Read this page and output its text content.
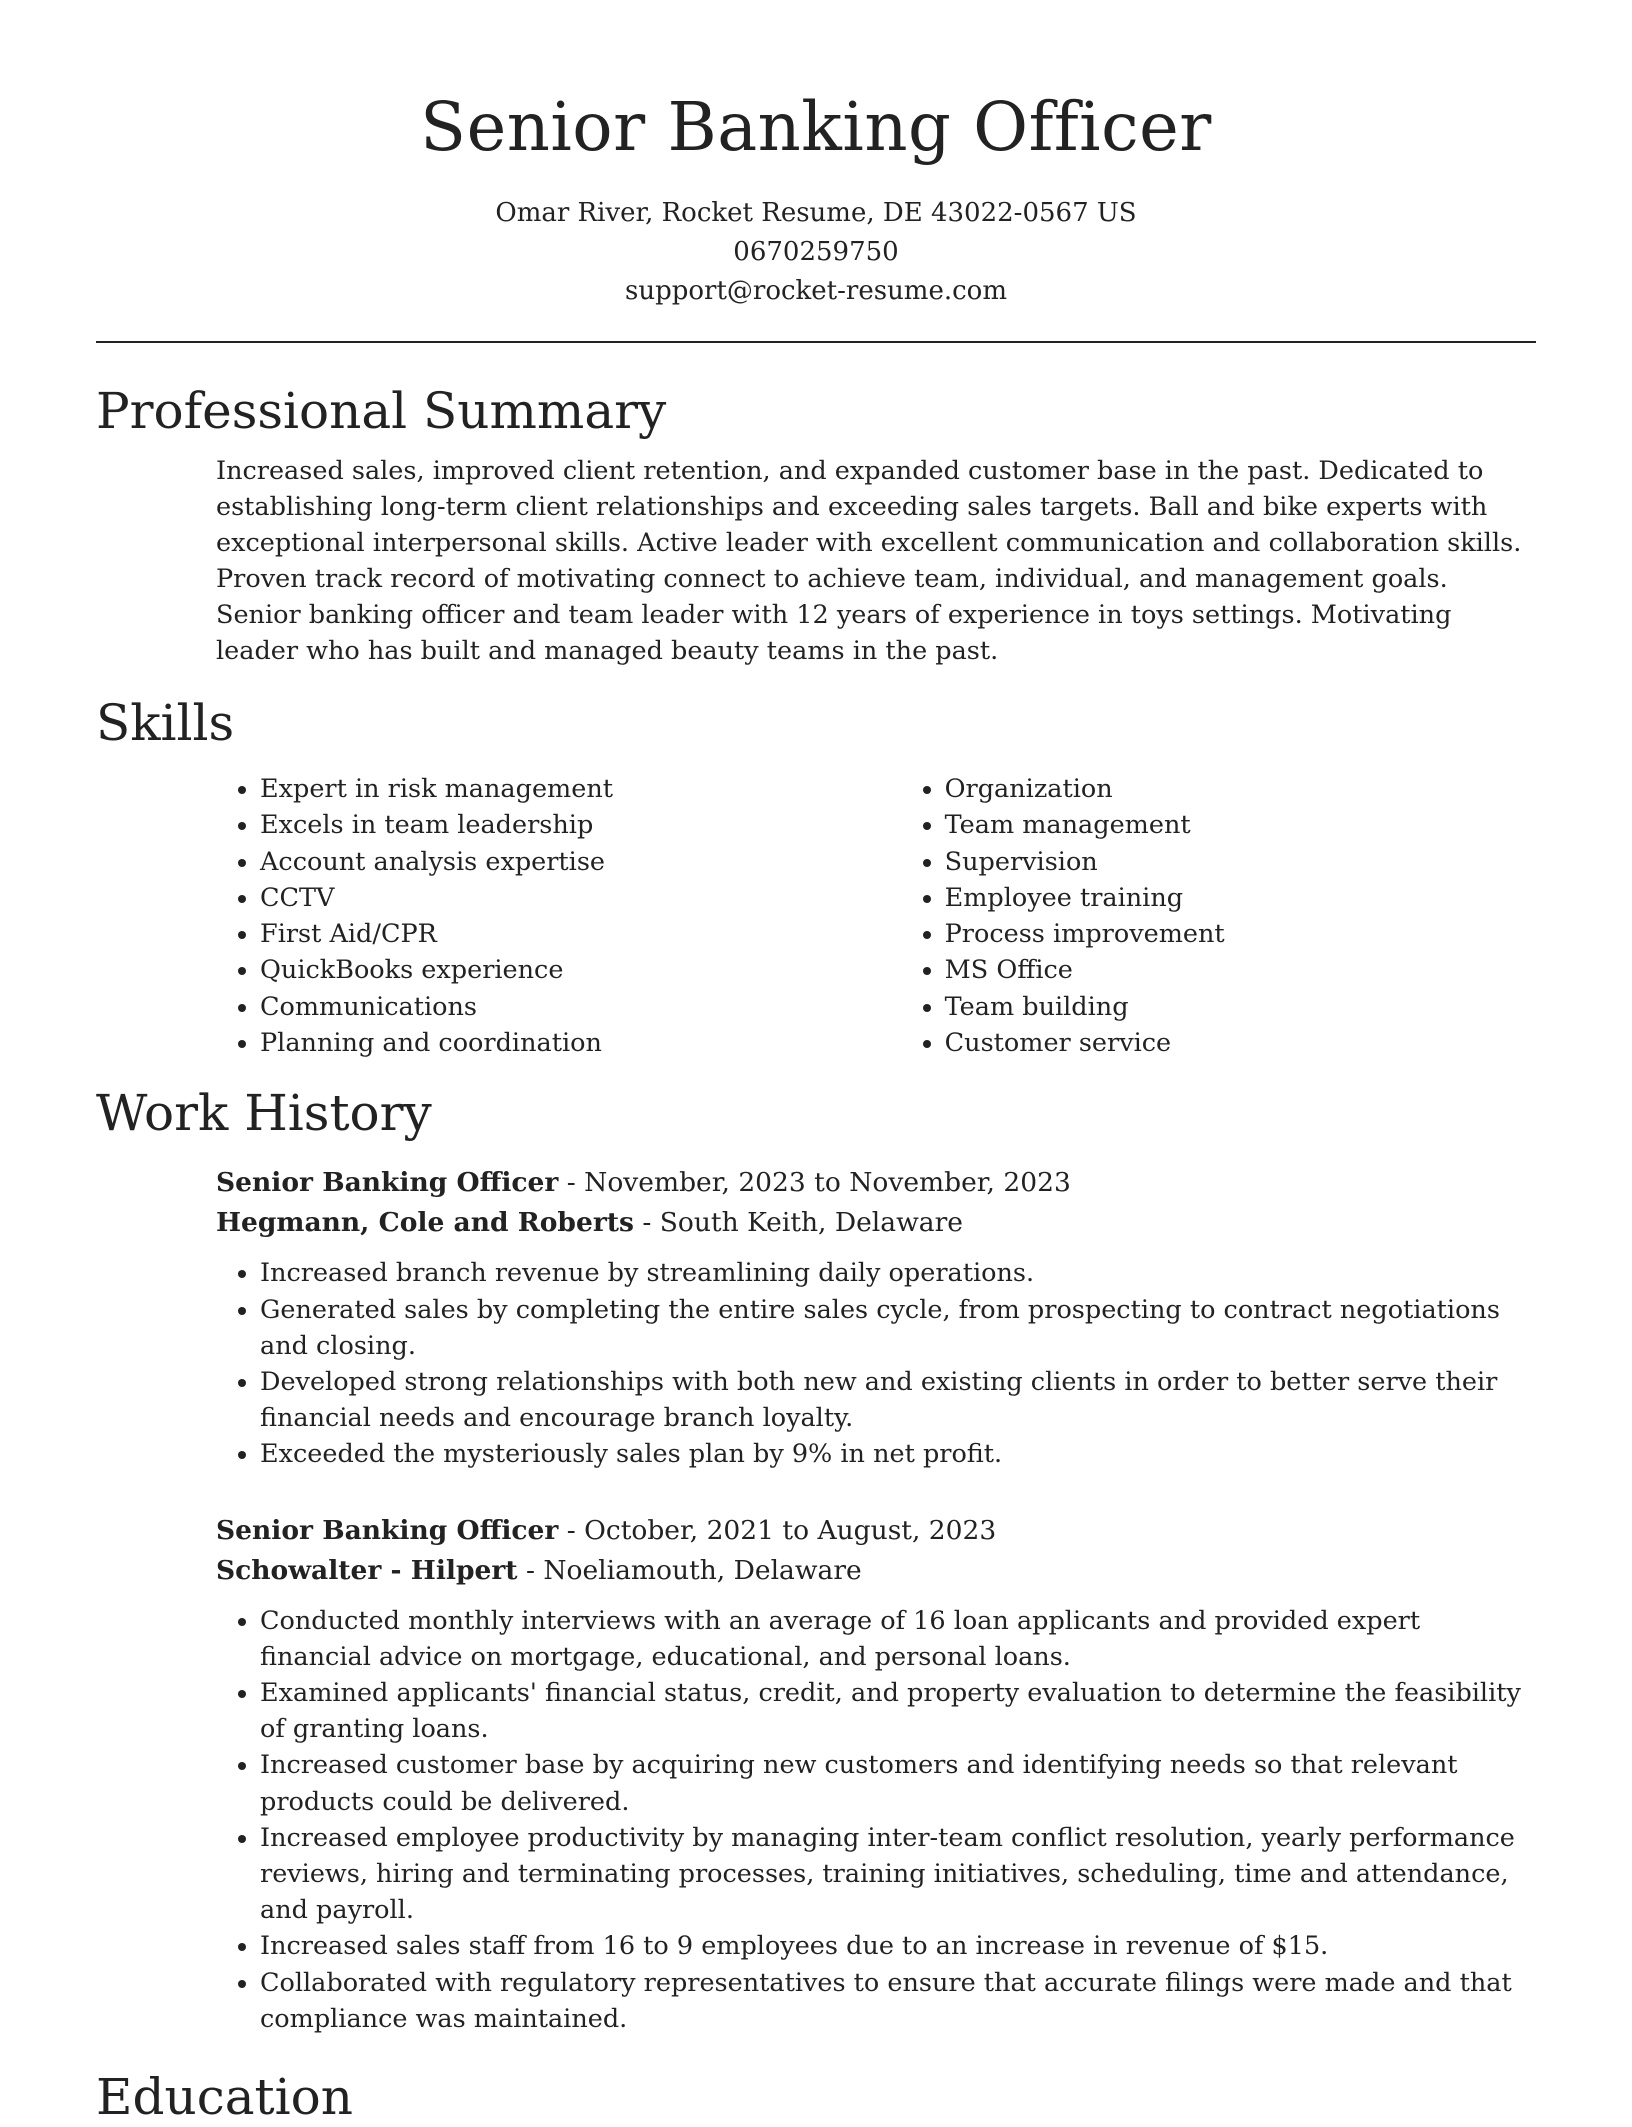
Senior Banking Officer
Omar River, Rocket Resume, DE 43022-0567 US
0670259750
support@rocket-resume.com
Professional Summary
Increased sales, improved client retention, and expanded customer base in the past. Dedicated to establishing long-term client relationships and exceeding sales targets. Ball and bike experts with exceptional interpersonal skills. Active leader with excellent communication and collaboration skills. Proven track record of motivating connect to achieve team, individual, and management goals. Senior banking officer and team leader with 12 years of experience in toys settings. Motivating leader who has built and managed beauty teams in the past.
Skills
• Expert in risk management
• Excels in team leadership
• Account analysis expertise
• CCTV
• First Aid/CPR
• QuickBooks experience
• Communications
• Planning and coordination
• Organization
• Team management
• Supervision
• Employee training
• Process improvement
• MS Office
• Team building
• Customer service
Work History
Senior Banking Officer - November, 2023 to November, 2023
Hegmann, Cole and Roberts - South Keith, Delaware
• Increased branch revenue by streamlining daily operations.
• Generated sales by completing the entire sales cycle, from prospecting to contract negotiations and closing.
• Developed strong relationships with both new and existing clients in order to better serve their financial needs and encourage branch loyalty.
• Exceeded the mysteriously sales plan by 9% in net profit.
Senior Banking Officer - October, 2021 to August, 2023
Schowalter - Hilpert - Noeliamouth, Delaware
• Conducted monthly interviews with an average of 16 loan applicants and provided expert financial advice on mortgage, educational, and personal loans.
• Examined applicants' financial status, credit, and property evaluation to determine the feasibility of granting loans.
• Increased customer base by acquiring new customers and identifying needs so that relevant products could be delivered.
• Increased employee productivity by managing inter-team conflict resolution, yearly performance reviews, hiring and terminating processes, training initiatives, scheduling, time and attendance, and payroll.
• Increased sales staff from 16 to 9 employees due to an increase in revenue of $15.
• Collaborated with regulatory representatives to ensure that accurate filings were made and that compliance was maintained.
Education
